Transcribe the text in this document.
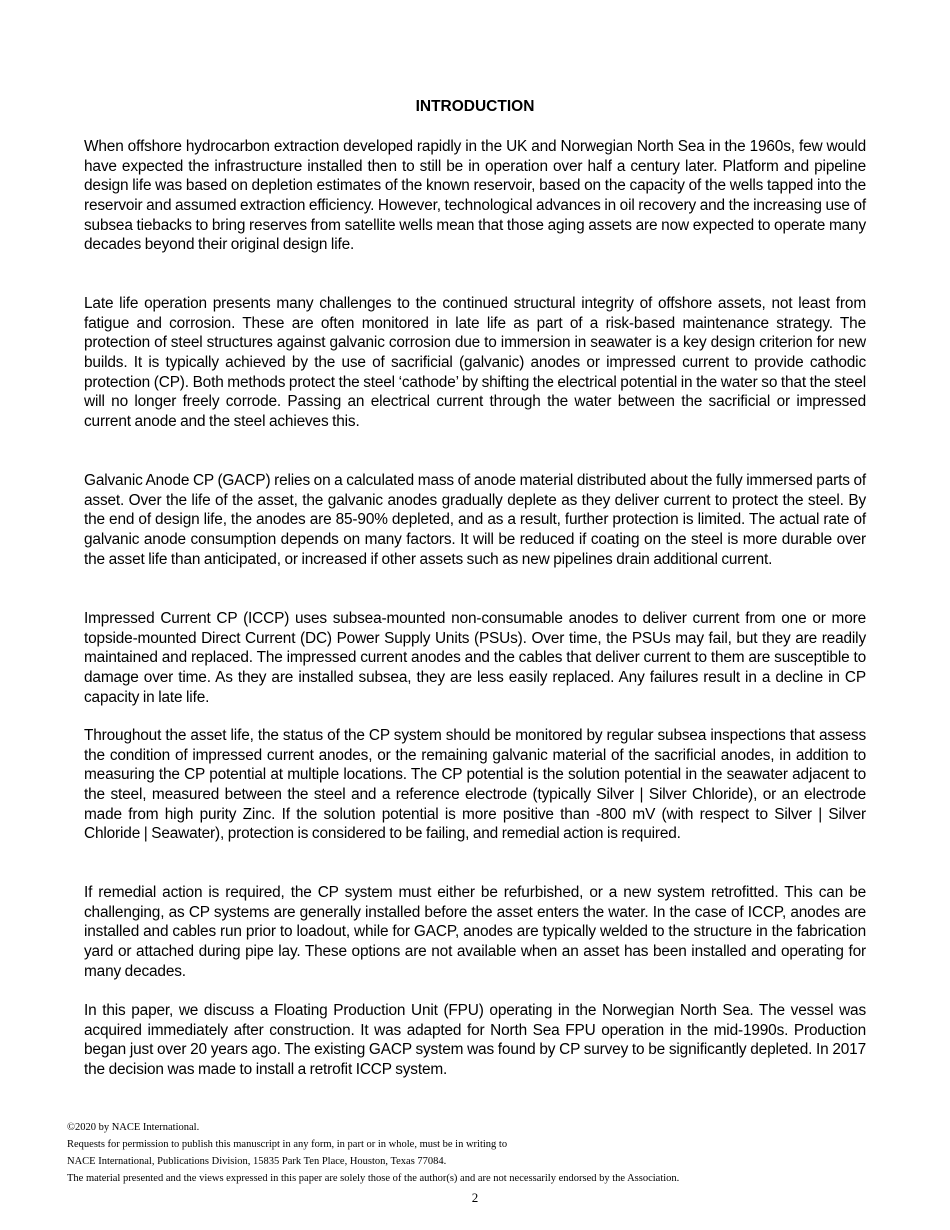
INTRODUCTION

When offshore hydrocarbon extraction developed rapidly in the UK and Norwegian North Sea in the 1960s, few would have expected the infrastructure installed then to still be in operation over half a century later. Platform and pipeline design life was based on depletion estimates of the known reservoir, based on the capacity of the wells tapped into the reservoir and assumed extraction efficiency. However, technological advances in oil recovery and the increasing use of subsea tiebacks to bring reserves from satellite wells mean that those aging assets are now expected to operate many decades beyond their original design life.

Late life operation presents many challenges to the continued structural integrity of offshore assets, not least from fatigue and corrosion. These are often monitored in late life as part of a risk-based maintenance strategy. The protection of steel structures against galvanic corrosion due to immersion in seawater is a key design criterion for new builds. It is typically achieved by the use of sacrificial (galvanic) anodes or impressed current to provide cathodic protection (CP). Both methods protect the steel ‘cathode’ by shifting the electrical potential in the water so that the steel will no longer freely corrode. Passing an electrical current through the water between the sacrificial or impressed current anode and the steel achieves this.

Galvanic Anode CP (GACP) relies on a calculated mass of anode material distributed about the fully immersed parts of asset. Over the life of the asset, the galvanic anodes gradually deplete as they deliver current to protect the steel. By the end of design life, the anodes are 85-90% depleted, and as a result, further protection is limited. The actual rate of galvanic anode consumption depends on many factors. It will be reduced if coating on the steel is more durable over the asset life than anticipated, or increased if other assets such as new pipelines drain additional current.

Impressed Current CP (ICCP) uses subsea-mounted non-consumable anodes to deliver current from one or more topside-mounted Direct Current (DC) Power Supply Units (PSUs). Over time, the PSUs may fail, but they are readily maintained and replaced. The impressed current anodes and the cables that deliver current to them are susceptible to damage over time. As they are installed subsea, they are less easily replaced. Any failures result in a decline in CP capacity in late life.

Throughout the asset life, the status of the CP system should be monitored by regular subsea inspections that assess the condition of impressed current anodes, or the remaining galvanic material of the sacrificial anodes, in addition to measuring the CP potential at multiple locations. The CP potential is the solution potential in the seawater adjacent to the steel, measured between the steel and a reference electrode (typically Silver | Silver Chloride), or an electrode made from high purity Zinc. If the solution potential is more positive than -800 mV (with respect to Silver | Silver Chloride | Seawater), protection is considered to be failing, and remedial action is required.

If remedial action is required, the CP system must either be refurbished, or a new system retrofitted. This can be challenging, as CP systems are generally installed before the asset enters the water. In the case of ICCP, anodes are installed and cables run prior to loadout, while for GACP, anodes are typically welded to the structure in the fabrication yard or attached during pipe lay. These options are not available when an asset has been installed and operating for many decades.

In this paper, we discuss a Floating Production Unit (FPU) operating in the Norwegian North Sea. The vessel was acquired immediately after construction. It was adapted for North Sea FPU operation in the mid-1990s. Production began just over 20 years ago. The existing GACP system was found by CP survey to be significantly depleted. In 2017 the decision was made to install a retrofit ICCP system.

©2020 by NACE International.
Requests for permission to publish this manuscript in any form, in part or in whole, must be in writing to
NACE International, Publications Division, 15835 Park Ten Place, Houston, Texas 77084.
The material presented and the views expressed in this paper are solely those of the author(s) and are not necessarily endorsed by the Association.
2
